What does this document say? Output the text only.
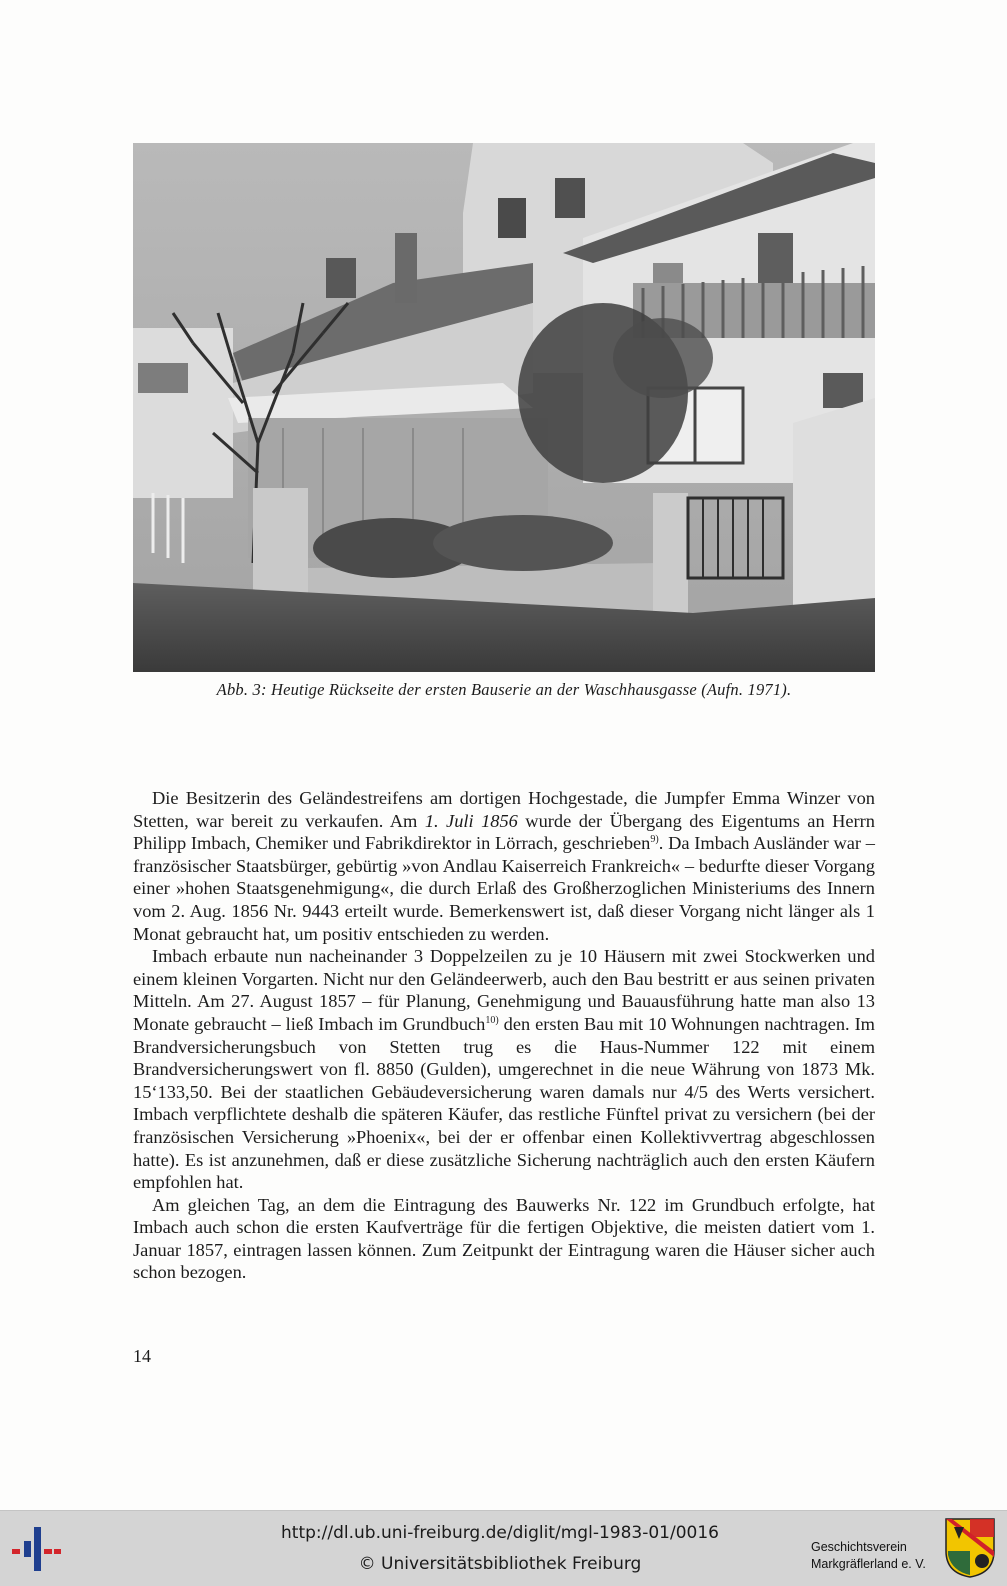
Abb. 3: Heutige Rückseite der ersten Bauserie an der Waschhausgasse (Aufn. 1971).

Die Besitzerin des Geländestreifens am dortigen Hochgestade, die Jumpfer Emma Winzer von Stetten, war bereit zu verkaufen. Am 1. Juli 1856 wurde der Übergang des Eigentums an Herrn Philipp Imbach, Chemiker und Fabrikdirektor in Lörrach, geschrieben$^{9)}$. Da Imbach Ausländer war – französischer Staatsbürger, gebürtig »von Andlau Kaiserreich Frankreich« – bedurfte dieser Vorgang einer »hohen Staatsgenehmigung«, die durch Erlaß des Großherzoglichen Ministeriums des Innern vom 2. Aug. 1856 Nr. 9443 erteilt wurde. Bemerkenswert ist, daß dieser Vorgang nicht länger als 1 Monat gebraucht hat, um positiv entschieden zu werden.

Imbach erbaute nun nacheinander 3 Doppelzeilen zu je 10 Häusern mit zwei Stockwerken und einem kleinen Vorgarten. Nicht nur den Geländeerwerb, auch den Bau bestritt er aus seinen privaten Mitteln. Am 27. August 1857 – für Planung, Genehmigung und Bauausführung hatte man also 13 Monate gebraucht – ließ Imbach im Grundbuch$^{10)}$ den ersten Bau mit 10 Wohnungen nachtragen. Im Brandversicherungsbuch von Stetten trug es die Haus-Nummer 122 mit einem Brandversicherungswert von fl. 8850 (Gulden), umgerechnet in die neue Währung von 1873 Mk. 15‘133,50. Bei der staatlichen Gebäudeversicherung waren damals nur 4/5 des Werts versichert. Imbach verpflichtete deshalb die späteren Käufer, das restliche Fünftel privat zu versichern (bei der französischen Versicherung »Phoenix«, bei der er offenbar einen Kollektivvertrag abgeschlossen hatte). Es ist anzunehmen, daß er diese zusätzliche Sicherung nachträglich auch den ersten Käufern empfohlen hat.

Am gleichen Tag, an dem die Eintragung des Bauwerks Nr. 122 im Grundbuch erfolgte, hat Imbach auch schon die ersten Kaufverträge für die fertigen Objektive, die meisten datiert vom 1. Januar 1857, eintragen lassen können. Zum Zeitpunkt der Eintragung waren die Häuser sicher auch schon bezogen.

14
http://dl.ub.uni-freiburg.de/diglit/mgl-1983-01/0016
© Universitätsbibliothek Freiburg
Geschichtsverein
Markgräflerland e. V.
